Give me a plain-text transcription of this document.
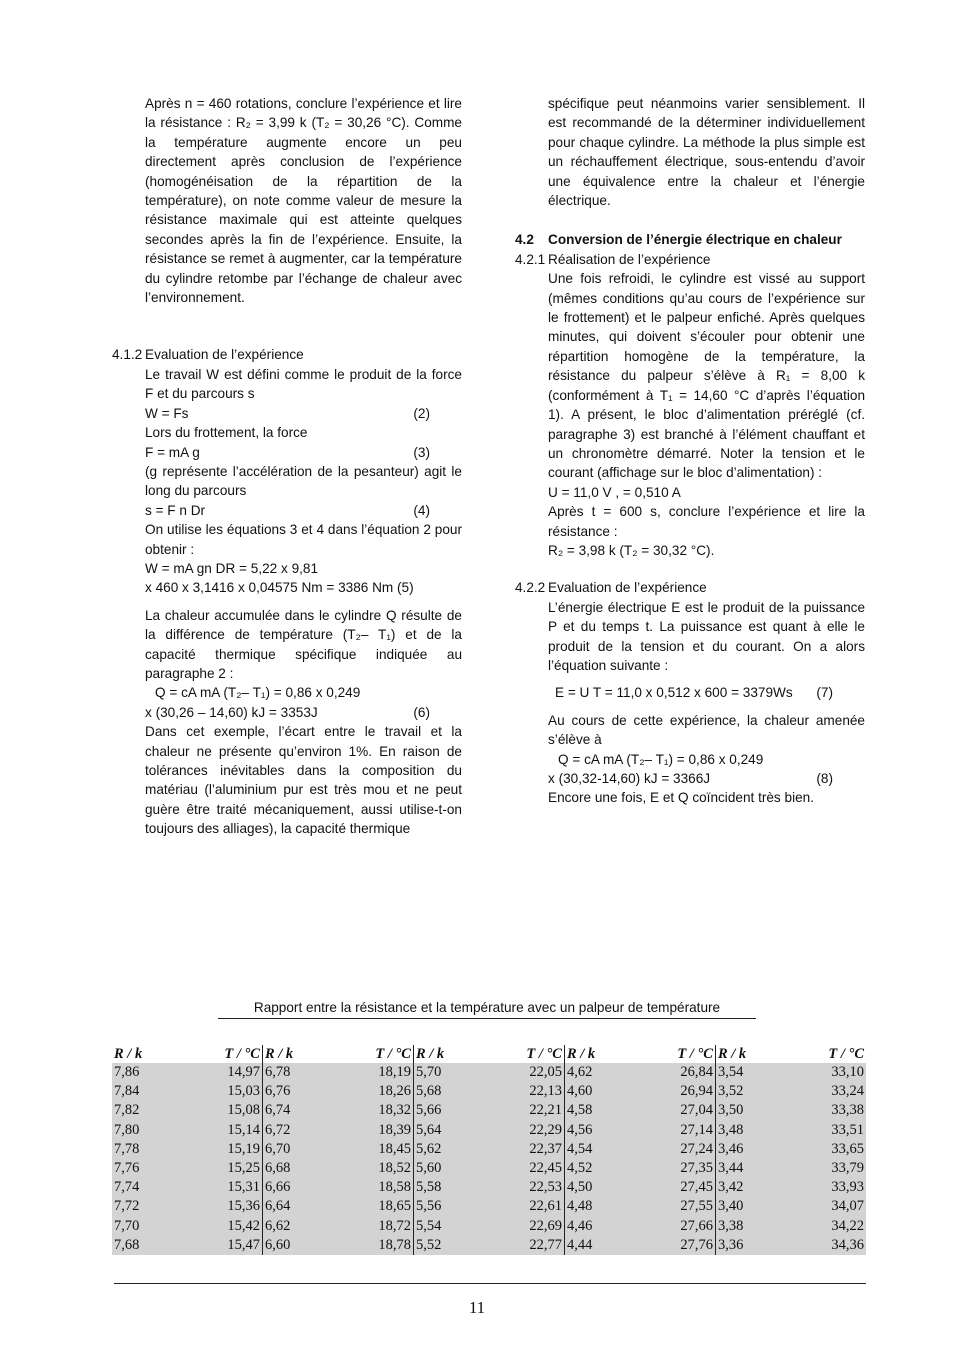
Après n = 460 rotations, conclure l’expérience et lire la résistance : R₂ = 3,99 k (T₂ = 30,26 °C). Comme la température augmente encore un peu directement après conclusion de l’expérience (homogénéisation de la répartition de la température), on note comme valeur de mesure la résistance maximale qui est atteinte quelques secondes après la fin de l’expérience. Ensuite, la résistance se remet à augmenter, car la température du cylindre retombe par l’échange de chaleur avec l’environnement.
4.1.2 Evaluation de l’expérience
Le travail W est défini comme le produit de la force F et du parcours s
W = Fs	(2)
Lors du frottement, la force
F = mA g	(3)
(g représente l’accélération de la pesanteur) agit le long du parcours
s = F n Dr	(4)
On utilise les équations 3 et 4 dans l’équation 2 pour obtenir :
W = mA gn DR = 5,22 x 9,81
x 460 x 3,1416 x 0,04575 Nm = 3386 Nm (5)
La chaleur accumulée dans le cylindre Q résulte de la différence de température (T₂– T₁) et de la capacité thermique spécifique indiquée au paragraphe 2 :
Q = cA mA (T₂– T₁) = 0,86 x 0,249
x (30,26 – 14,60) kJ = 3353J	(6)
Dans cet exemple, l’écart entre le travail et la chaleur ne présente qu’environ 1%. En raison de tolérances inévitables dans la composition du matériau (l’aluminium pur est très mou et ne peut guère être traité mécaniquement, aussi utilise-t-on toujours des alliages), la capacité thermique
spécifique peut néanmoins varier sensiblement. Il est recommandé de la déterminer individuellement pour chaque cylindre. La méthode la plus simple est un réchauffement électrique, sous-entendu d’avoir une équivalence entre la chaleur et l’énergie électrique.
4.2	Conversion de l’énergie électrique en chaleur
4.2.1 Réalisation de l’expérience
Une fois refroidi, le cylindre est vissé au support (mêmes conditions qu’au cours de l’expérience sur le frottement) et le palpeur enfiché. Après quelques minutes, qui doivent s’écouler pour obtenir une répartition homogène de la température, la résistance du palpeur s’élève à R₁ = 8,00 k (conformément à T₁ = 14,60 °C d’après l’équation 1). A présent, le bloc d’alimentation préréglé (cf. paragraphe 3) est branché à l’élément chauffant et un chronomètre démarré. Noter la tension et le courant (affichage sur le bloc d’alimentation) :
U = 11,0 V , = 0,510 A
Après t = 600 s, conclure l’expérience et lire la résistance :
R₂ = 3,98 k (T₂ = 30,32 °C).
4.2.2 Evaluation de l’expérience
L’énergie électrique E est le produit de la puissance P et du temps t. La puissance est quant à elle le produit de la tension et du courant. On a alors l’équation suivante :
E = U T = 11,0 x 0,512 x 600 = 3379Ws (7)
Au cours de cette expérience, la chaleur amenée s’élève à
Q = cA mA (T₂– T₁) = 0,86 x 0,249
x (30,32-14,60) kJ = 3366J	(8)
Encore une fois, E et Q coïncident très bien.
Rapport entre la résistance et la température avec un palpeur de température
R / k	T / °C	R / k	T / °C	R / k	T / °C	R / k	T / °C	R / k	T / °C
7,86	14,97	6,78	18,19	5,70	22,05	4,62	26,84	3,54	33,10
7,84	15,03	6,76	18,26	5,68	22,13	4,60	26,94	3,52	33,24
7,82	15,08	6,74	18,32	5,66	22,21	4,58	27,04	3,50	33,38
7,80	15,14	6,72	18,39	5,64	22,29	4,56	27,14	3,48	33,51
7,78	15,19	6,70	18,45	5,62	22,37	4,54	27,24	3,46	33,65
7,76	15,25	6,68	18,52	5,60	22,45	4,52	27,35	3,44	33,79
7,74	15,31	6,66	18,58	5,58	22,53	4,50	27,45	3,42	33,93
7,72	15,36	6,64	18,65	5,56	22,61	4,48	27,55	3,40	34,07
7,70	15,42	6,62	18,72	5,54	22,69	4,46	27,66	3,38	34,22
7,68	15,47	6,60	18,78	5,52	22,77	4,44	27,76	3,36	34,36
11
